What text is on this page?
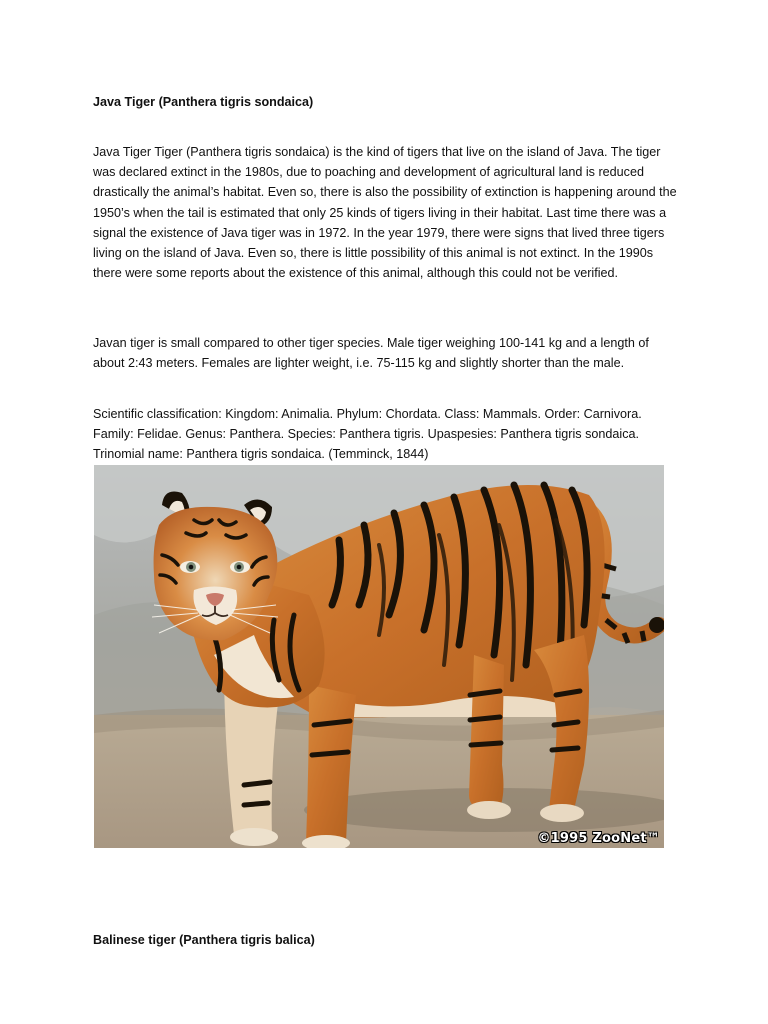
Java Tiger (Panthera tigris sondaica)

Java Tiger Tiger (Panthera tigris sondaica) is the kind of tigers that live on the island of Java. The tiger was declared extinct in the 1980s, due to poaching and development of agricultural land is reduced drastically the animal’s habitat. Even so, there is also the possibility of extinction is happening around the 1950’s when the tail is estimated that only 25 kinds of tigers living in their habitat. Last time there was a signal the existence of Java tiger was in 1972. In the year 1979, there were signs that lived three tigers living on the island of Java. Even so, there is little possibility of this animal is not extinct. In the 1990s there were some reports about the existence of this animal, although this could not be verified.

Javan tiger is small compared to other tiger species. Male tiger weighing 100-141 kg and a length of about 2:43 meters. Females are lighter weight, i.e. 75-115 kg and slightly shorter than the male.

Scientific classification: Kingdom: Animalia. Phylum: Chordata. Class: Mammals. Order: Carnivora. Family: Felidae. Genus: Panthera. Species: Panthera tigris. Upaspesies: Panthera tigris sondaica. Trinomial name: Panthera tigris sondaica. (Temminck, 1844)

©1995 ZooNet™

Balinese tiger (Panthera tigris balica)
